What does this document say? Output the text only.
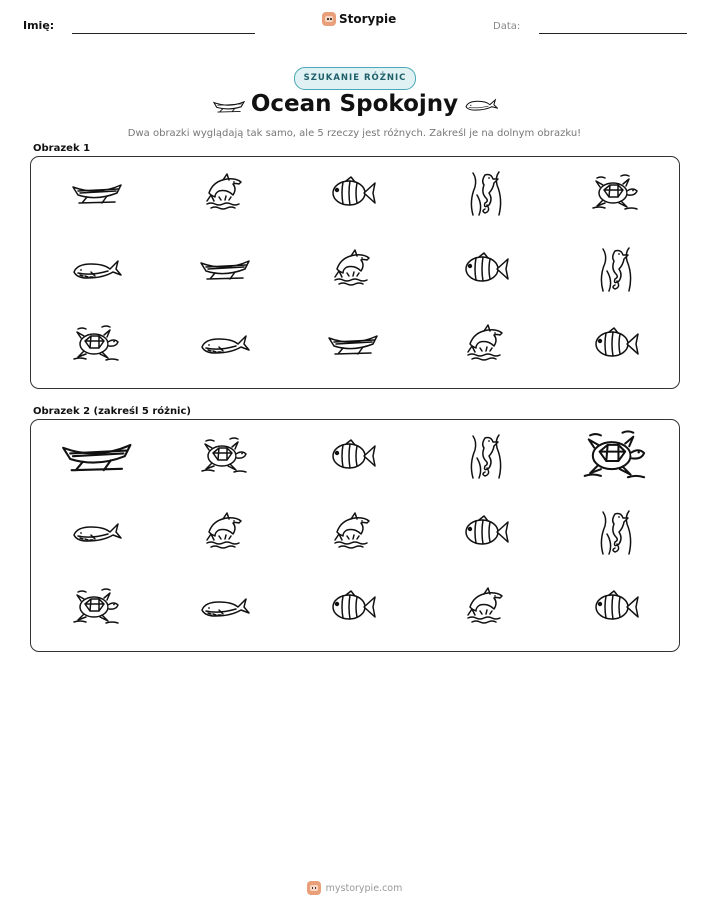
Imię:	Storypie
Data:
SZUKANIE RÓŻNIC
Ocean Spokojny
Dwa obrazki wyglądają tak samo, ale 5 rzeczy jest różnych. Zakreśl je na dolnym obrazku!
Obrazek 1
Obrazek 2 (zakreśl 5 różnic)
mystorypie.com
